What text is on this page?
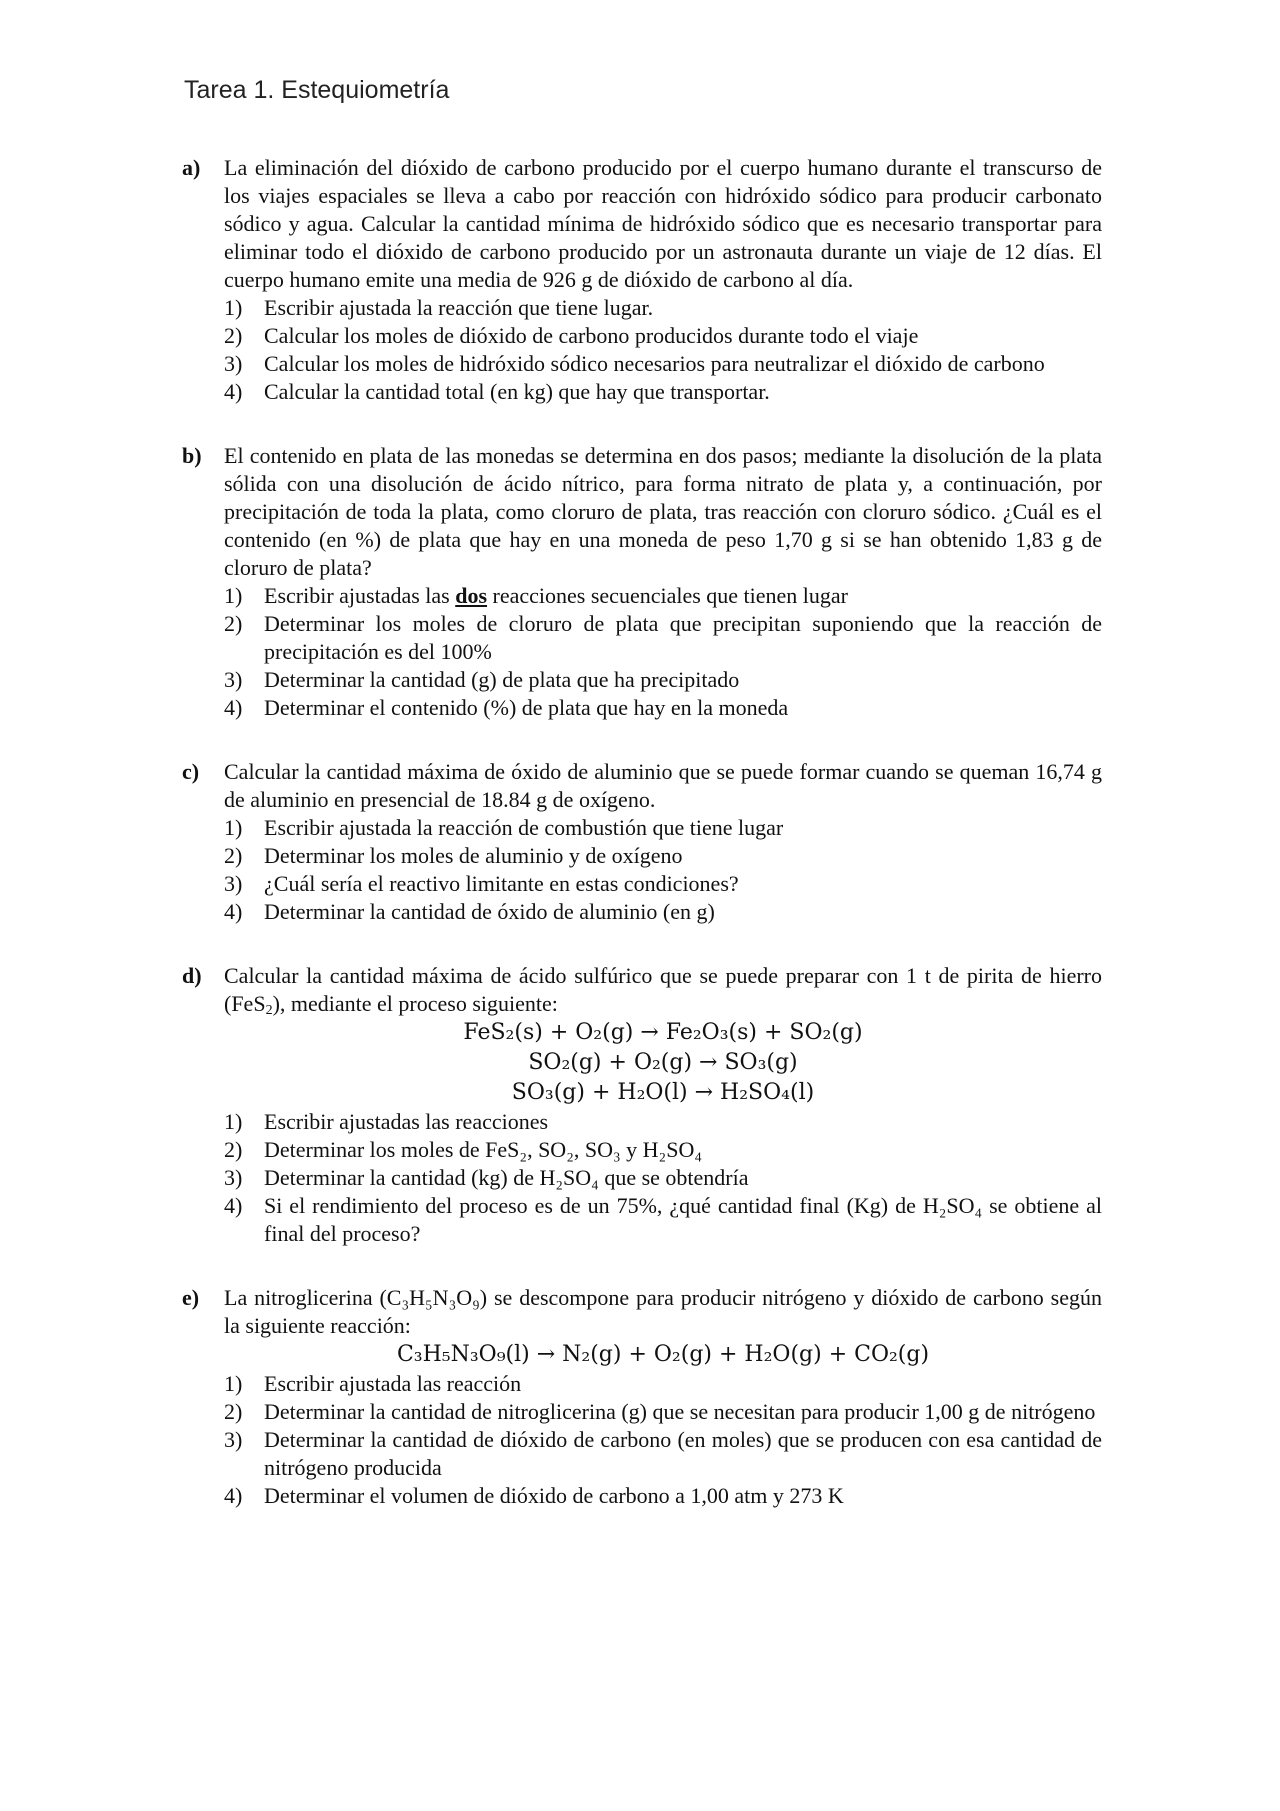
Tarea 1. Estequiometría
a) La eliminación del dióxido de carbono producido por el cuerpo humano durante el transcurso de los viajes espaciales se lleva a cabo por reacción con hidróxido sódico para producir carbonato sódico y agua. Calcular la cantidad mínima de hidróxido sódico que es necesario transportar para eliminar todo el dióxido de carbono producido por un astronauta durante un viaje de 12 días. El cuerpo humano emite una media de 926 g de dióxido de carbono al día.
1) Escribir ajustada la reacción que tiene lugar.
2) Calcular los moles de dióxido de carbono producidos durante todo el viaje
3) Calcular los moles de hidróxido sódico necesarios para neutralizar el dióxido de carbono
4) Calcular la cantidad total (en kg) que hay que transportar.
b) El contenido en plata de las monedas se determina en dos pasos; mediante la disolución de la plata sólida con una disolución de ácido nítrico, para forma nitrato de plata y, a continuación, por precipitación de toda la plata, como cloruro de plata, tras reacción con cloruro sódico. ¿Cuál es el contenido (en %) de plata que hay en una moneda de peso 1,70 g si se han obtenido 1,83 g de cloruro de plata?
1) Escribir ajustadas las dos reacciones secuenciales que tienen lugar
2) Determinar los moles de cloruro de plata que precipitan suponiendo que la reacción de precipitación es del 100%
3) Determinar la cantidad (g) de plata que ha precipitado
4) Determinar el contenido (%) de plata que hay en la moneda
c) Calcular la cantidad máxima de óxido de aluminio que se puede formar cuando se queman 16,74 g de aluminio en presencial de 18.84 g de oxígeno.
1) Escribir ajustada la reacción de combustión que tiene lugar
2) Determinar los moles de aluminio y de oxígeno
3) ¿Cuál sería el reactivo limitante en estas condiciones?
4) Determinar la cantidad de óxido de aluminio (en g)
d) Calcular la cantidad máxima de ácido sulfúrico que se puede preparar con 1 t de pirita de hierro (FeS$_2$), mediante el proceso siguiente:
FeS₂(s) + O₂(g) → Fe₂O₃(s) + SO₂(g)
SO₂(g) + O₂(g) → SO₃(g)
SO₃(g) + H₂O(l) → H₂SO₄(l)
1) Escribir ajustadas las reacciones
2) Determinar los moles de FeS₂, SO₂, SO₃ y H₂SO₄
3) Determinar la cantidad (kg) de H₂SO₄ que se obtendría
4) Si el rendimiento del proceso es de un 75%, ¿qué cantidad final (Kg) de H₂SO₄ se obtiene al final del proceso?
e) La nitroglicerina (C₃H₅N₃O₉) se descompone para producir nitrógeno y dióxido de carbono según la siguiente reacción:
C₃H₅N₃O₉(l) → N₂(g) + O₂(g) + H₂O(g) + CO₂(g)
1) Escribir ajustada las reacción
2) Determinar la cantidad de nitroglicerina (g) que se necesitan para producir 1,00 g de nitrógeno
3) Determinar la cantidad de dióxido de carbono (en moles) que se producen con esa cantidad de nitrógeno producida
4) Determinar el volumen de dióxido de carbono a 1,00 atm y 273 K
